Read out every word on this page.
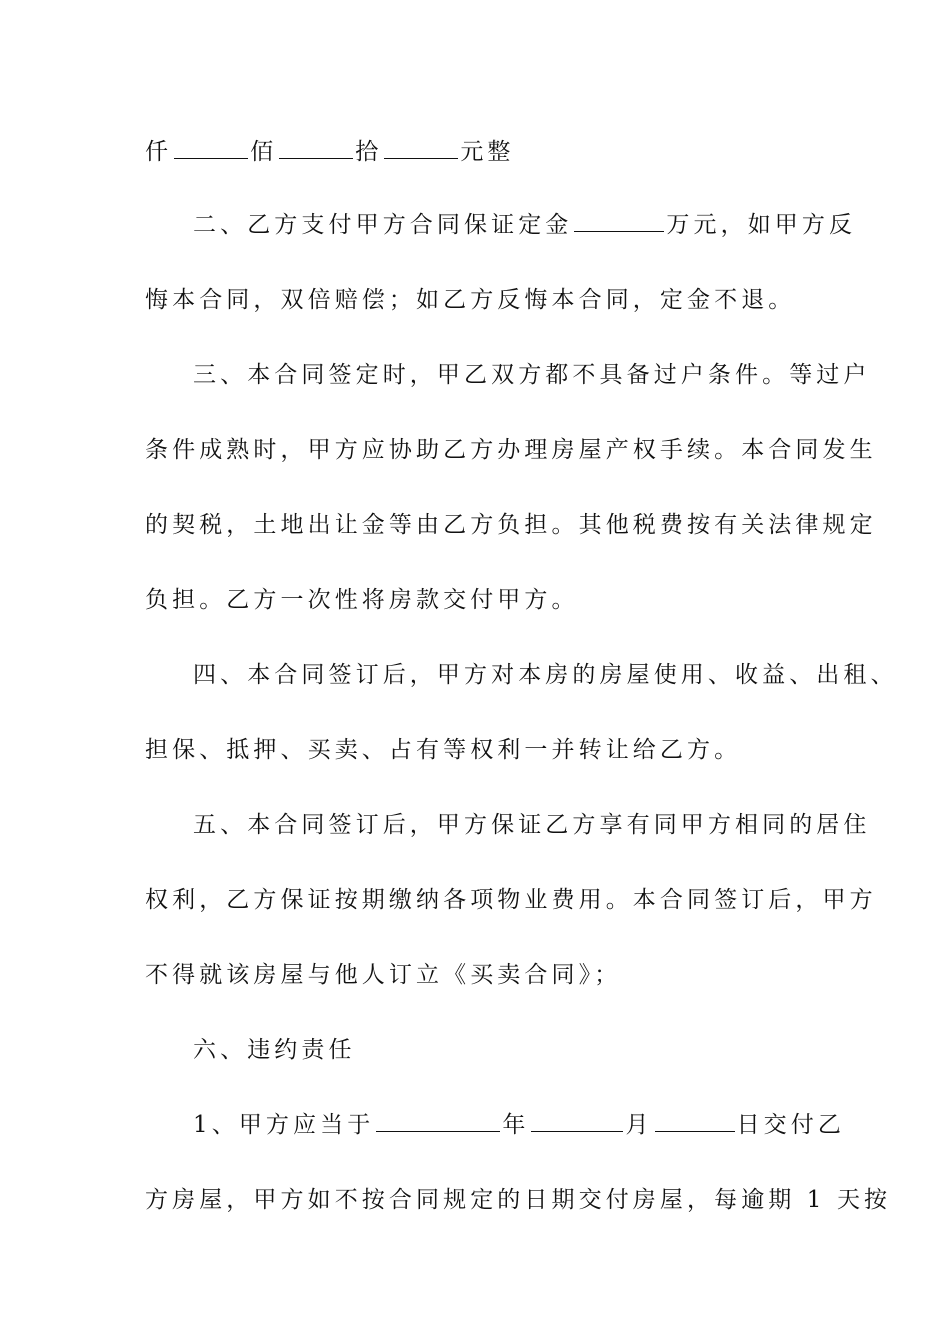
仟	佰	拾	元整
二、乙方支付甲方合同保证定金	万元，如甲方反
悔本合同，双倍赔偿；如乙方反悔本合同，定金不退。
三、本合同签定时，甲乙双方都不具备过户条件。等过户
条件成熟时，甲方应协助乙方办理房屋产权手续。本合同发生
的契税，土地出让金等由乙方负担。其他税费按有关法律规定
负担。乙方一次性将房款交付甲方。
四、本合同签订后，甲方对本房的房屋使用、收益、出租、
担保、抵押、买卖、占有等权利一并转让给乙方。
五、本合同签订后，甲方保证乙方享有同甲方相同的居住
权利，乙方保证按期缴纳各项物业费用。本合同签订后，甲方
不得就该房屋与他人订立《买卖合同》；
六、违约责任
1、甲方应当于	年	月	日交付乙
方房屋，甲方如不按合同规定的日期交付房屋，每逾期 1 天按
